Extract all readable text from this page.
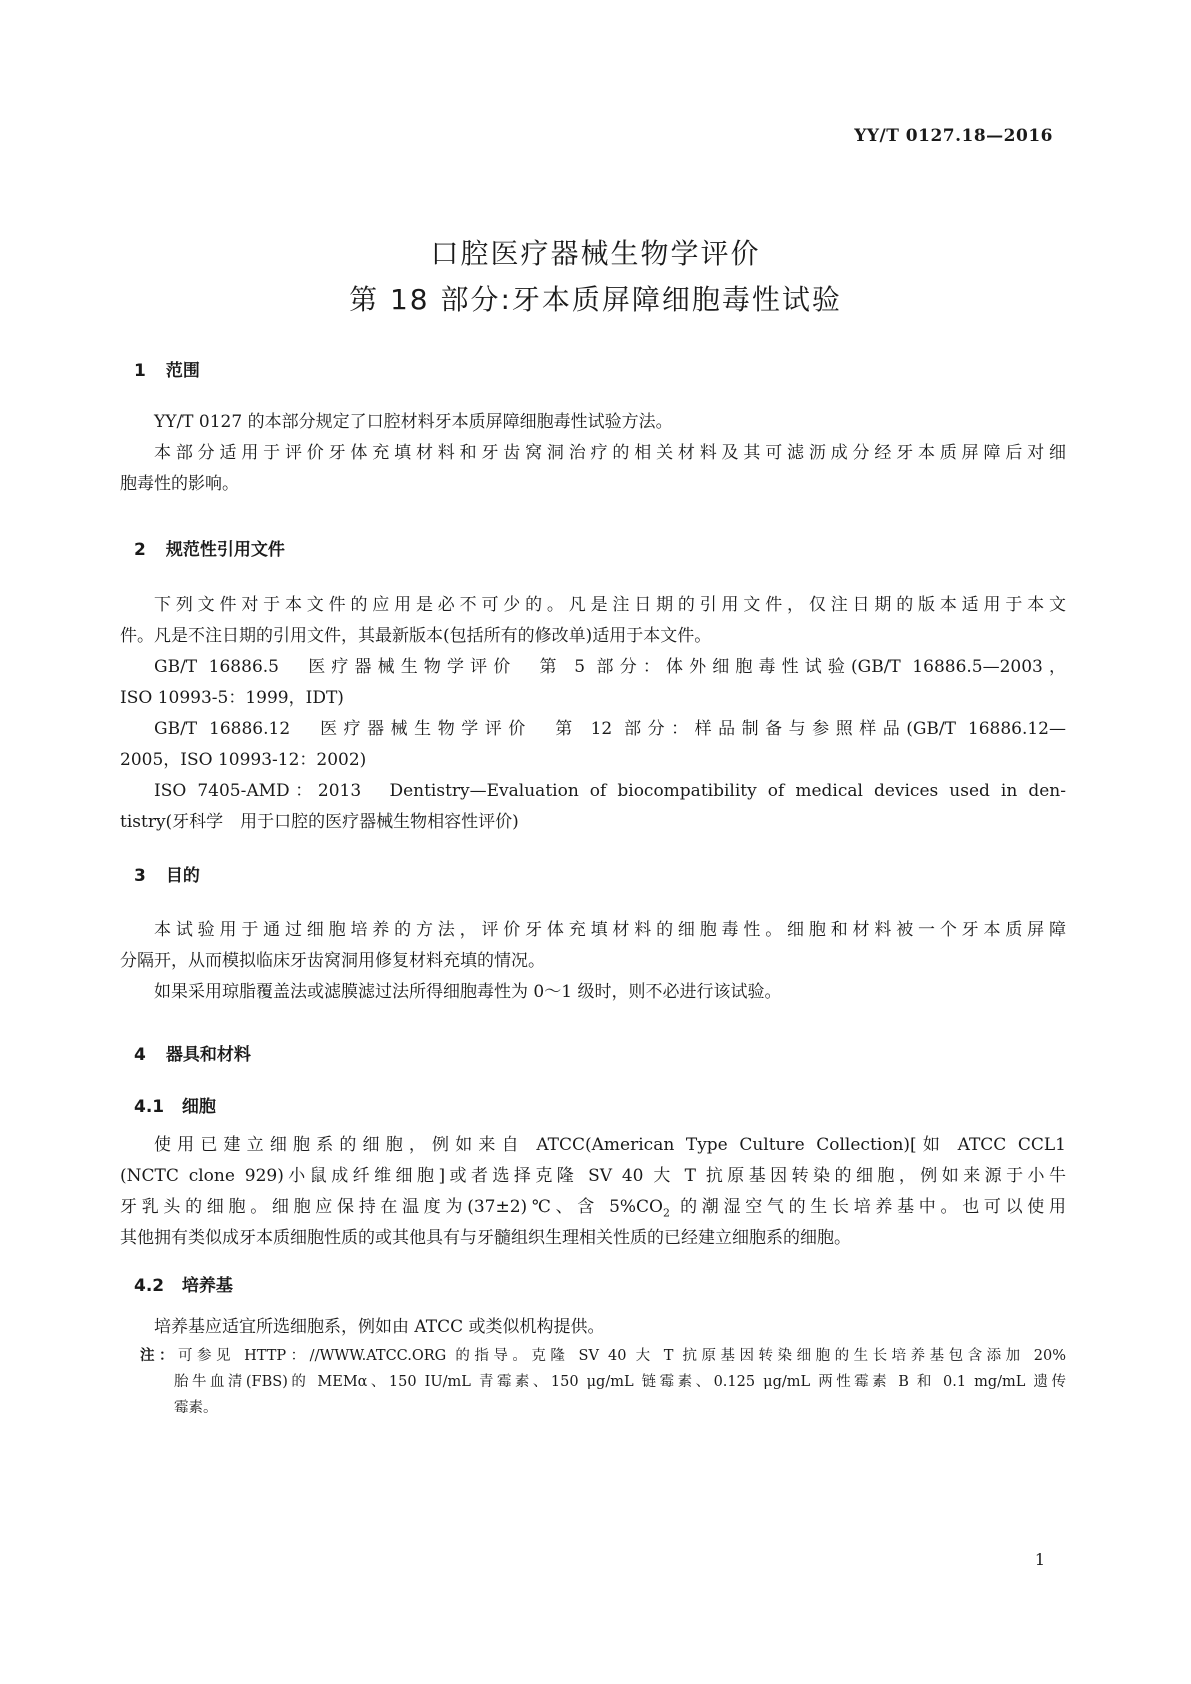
YY/T 0127.18—2016
口腔医疗器械生物学评价
第 18 部分:牙本质屏障细胞毒性试验
1 范围
YY/T 0127 的本部分规定了口腔材料牙本质屏障细胞毒性试验方法。
本部分适用于评价牙体充填材料和牙齿窝洞治疗的相关材料及其可滤沥成分经牙本质屏障后对细
胞毒性的影响。
2 规范性引用文件
下列文件对于本文件的应用是必不可少的。凡是注日期的引用文件，仅注日期的版本适用于本文
件。凡是不注日期的引用文件，其最新版本(包括所有的修改单)适用于本文件。
GB/T 16886.5　医疗器械生物学评价　第 5 部分：体外细胞毒性试验(GB/T 16886.5—2003，
ISO 10993-5：1999，IDT)
GB/T 16886.12　医疗器械生物学评价　第 12 部分：样品制备与参照样品(GB/T 16886.12—
2005，ISO 10993-12：2002)
ISO 7405-AMD：2013　Dentistry—Evaluation of biocompatibility of medical devices used in den-
tistry(牙科学　用于口腔的医疗器械生物相容性评价)
3 目的
本试验用于通过细胞培养的方法，评价牙体充填材料的细胞毒性。细胞和材料被一个牙本质屏障
分隔开，从而模拟临床牙齿窝洞用修复材料充填的情况。
如果采用琼脂覆盖法或滤膜滤过法所得细胞毒性为 0～1 级时，则不必进行该试验。
4 器具和材料
4.1 细胞
使用已建立细胞系的细胞，例如来自 ATCC(American Type Culture Collection)[如 ATCC CCL1
(NCTC clone 929)小鼠成纤维细胞]或者选择克隆 SV 40 大 T 抗原基因转染的细胞，例如来源于小牛
牙乳头的细胞。细胞应保持在温度为(37±2)℃、含 $5\%CO_2$ 的潮湿空气的生长培养基中。也可以使用
其他拥有类似成牙本质细胞性质的或其他具有与牙髓组织生理相关性质的已经建立细胞系的细胞。
4.2 培养基
培养基应适宜所选细胞系，例如由 ATCC 或类似机构提供。
注：可参见 HTTP：//WWW.ATCC.ORG 的指导。克隆 SV 40 大 T 抗原基因转染细胞的生长培养基包含添加 20%
胎牛血清(FBS)的 MEMα、150 IU/mL 青霉素、150 μg/mL 链霉素、0.125 μg/mL 两性霉素 B 和 0.1 mg/mL 遗传
霉素。
1
